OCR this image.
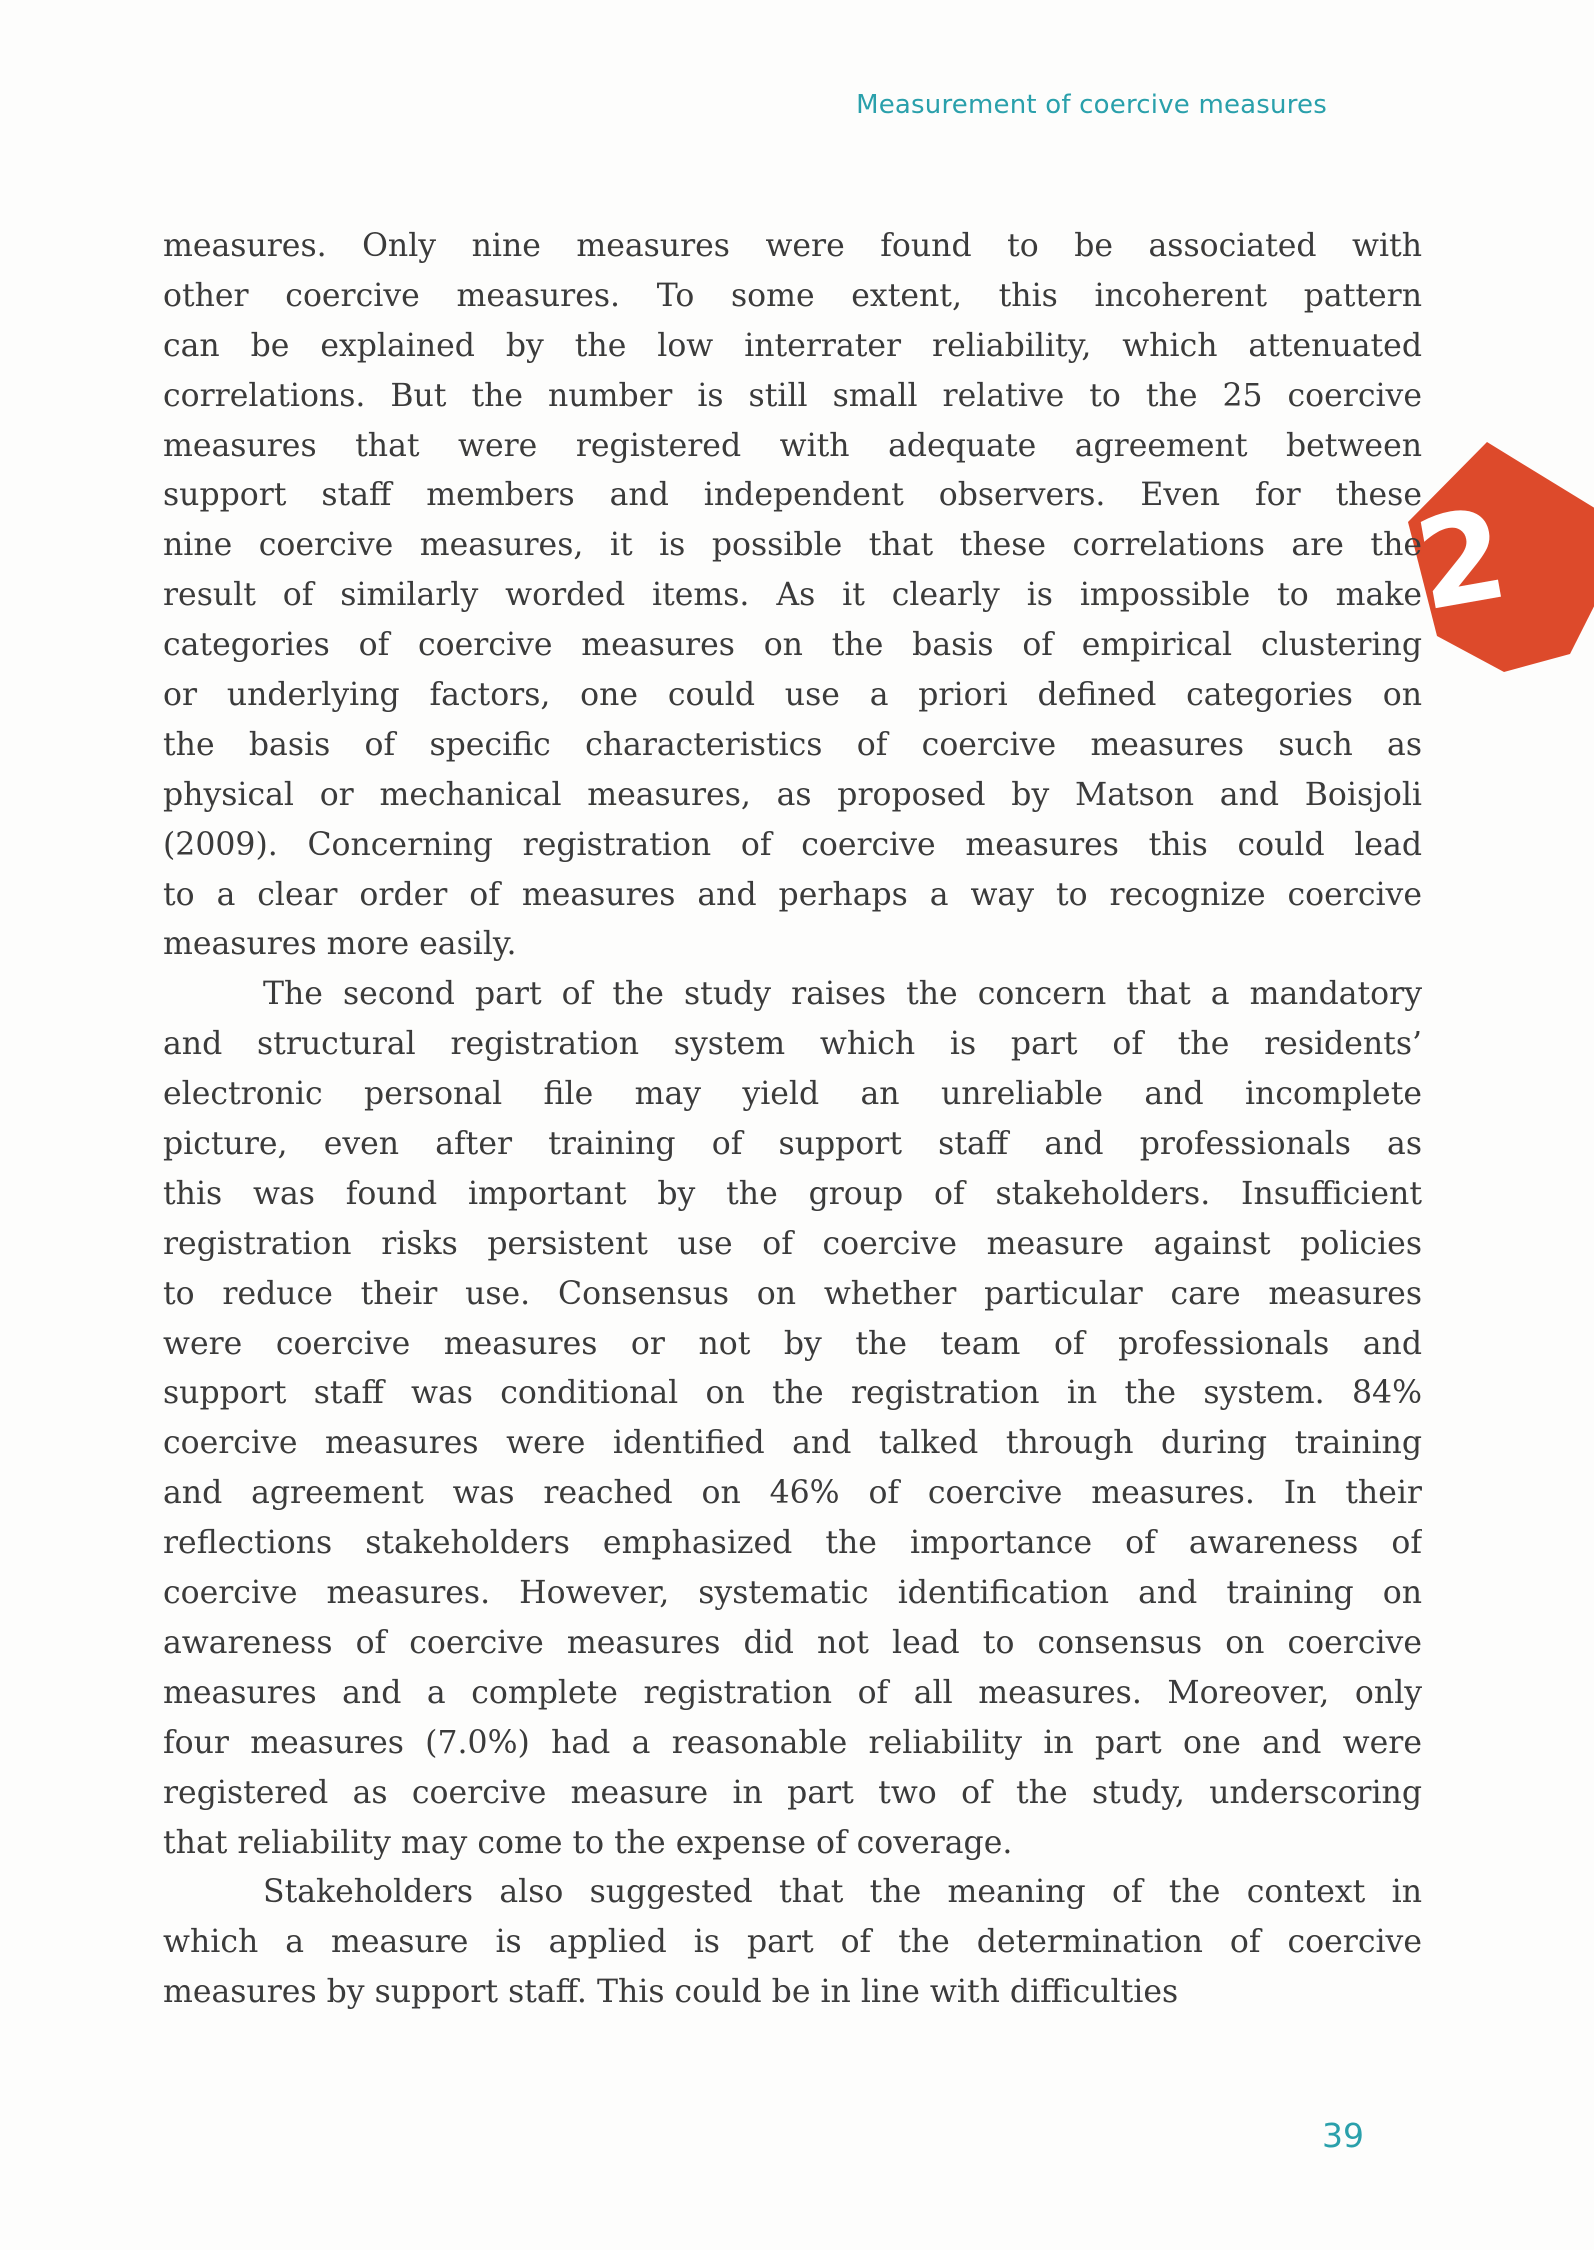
Measurement of coercive measures
2
measures. Only nine measures were found to be associated with
other coercive measures. To some extent, this incoherent pattern
can be explained by the low interrater reliability, which attenuated
correlations. But the number is still small relative to the 25 coercive
measures that were registered with adequate agreement between
support staff members and independent observers. Even for these
nine coercive measures, it is possible that these correlations are the
result of similarly worded items. As it clearly is impossible to make
categories of coercive measures on the basis of empirical clustering
or underlying factors, one could use a priori defined categories on
the basis of specific characteristics of coercive measures such as
physical or mechanical measures, as proposed by Matson and Boisjoli
(2009). Concerning registration of coercive measures this could lead
to a clear order of measures and perhaps a way to recognize coercive
measures more easily.
The second part of the study raises the concern that a mandatory
and structural registration system which is part of the residents’
electronic personal file may yield an unreliable and incomplete
picture, even after training of support staff and professionals as
this was found important by the group of stakeholders. Insufficient
registration risks persistent use of coercive measure against policies
to reduce their use. Consensus on whether particular care measures
were coercive measures or not by the team of professionals and
support staff was conditional on the registration in the system. 84%
coercive measures were identified and talked through during training
and agreement was reached on 46% of coercive measures. In their
reflections stakeholders emphasized the importance of awareness of
coercive measures. However, systematic identification and training on
awareness of coercive measures did not lead to consensus on coercive
measures and a complete registration of all measures. Moreover, only
four measures (7.0%) had a reasonable reliability in part one and were
registered as coercive measure in part two of the study, underscoring
that reliability may come to the expense of coverage.
Stakeholders also suggested that the meaning of the context in
which a measure is applied is part of the determination of coercive
measures by support staff. This could be in line with difficulties
39
